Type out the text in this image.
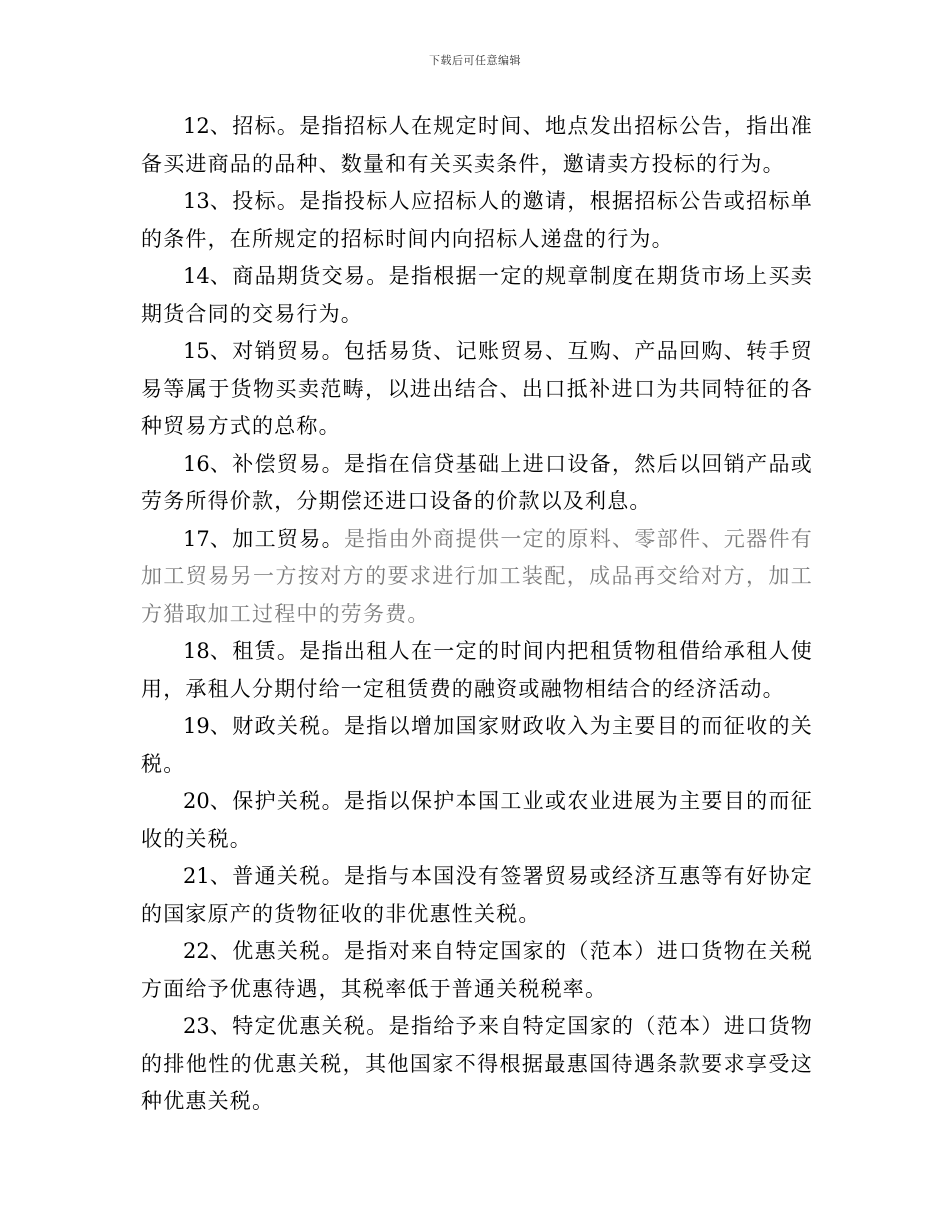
下载后可任意编辑

12、招标。是指招标人在规定时间、地点发出招标公告，指出准备买进商品的品种、数量和有关买卖条件，邀请卖方投标的行为。

13、投标。是指投标人应招标人的邀请，根据招标公告或招标单的条件，在所规定的招标时间内向招标人递盘的行为。

14、商品期货交易。是指根据一定的规章制度在期货市场上买卖期货合同的交易行为。

15、对销贸易。包括易货、记账贸易、互购、产品回购、转手贸易等属于货物买卖范畴，以进出结合、出口抵补进口为共同特征的各种贸易方式的总称。

16、补偿贸易。是指在信贷基础上进口设备，然后以回销产品或劳务所得价款，分期偿还进口设备的价款以及利息。

17、加工贸易。是指由外商提供一定的原料、零部件、元器件有加工贸易另一方按对方的要求进行加工装配，成品再交给对方，加工方猎取加工过程中的劳务费。

18、租赁。是指出租人在一定的时间内把租赁物租借给承租人使用，承租人分期付给一定租赁费的融资或融物相结合的经济活动。

19、财政关税。是指以增加国家财政收入为主要目的而征收的关税。

20、保护关税。是指以保护本国工业或农业进展为主要目的而征收的关税。

21、普通关税。是指与本国没有签署贸易或经济互惠等有好协定的国家原产的货物征收的非优惠性关税。

22、优惠关税。是指对来自特定国家的（范本）进口货物在关税方面给予优惠待遇，其税率低于普通关税税率。

23、特定优惠关税。是指给予来自特定国家的（范本）进口货物的排他性的优惠关税，其他国家不得根据最惠国待遇条款要求享受这种优惠关税。
